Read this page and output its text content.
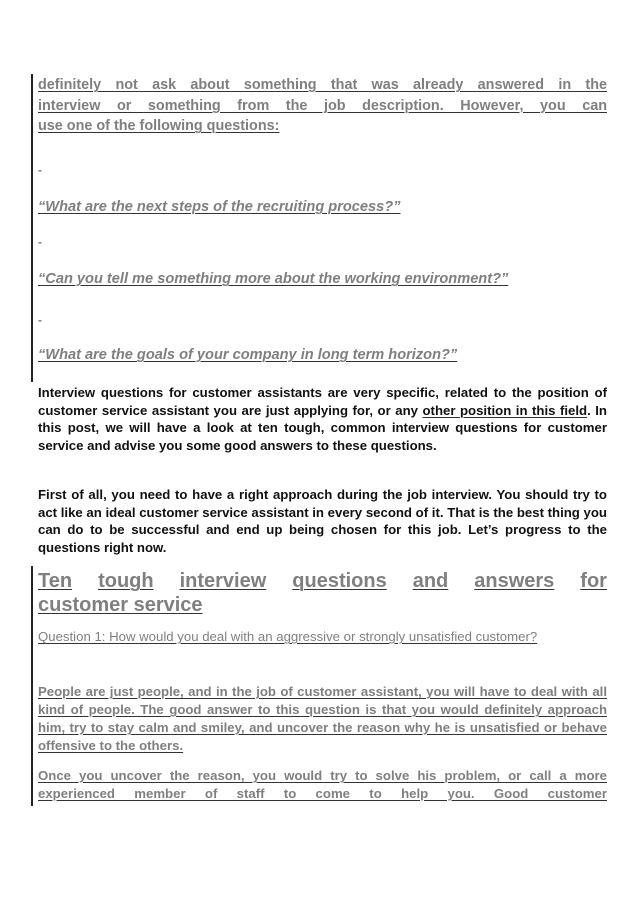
definitely not ask about something that was already answered in the
interview or something from the job description. However, you can
use one of the following questions:
-
“What are the next steps of the recruiting process?”
-
“Can you tell me something more about the working environment?”
-
“What are the goals of your company in long term horizon?”
Interview questions for customer assistants are very specific, related to the position of customer service assistant you are just applying for, or any other position in this field. In this post, we will have a look at ten tough, common interview questions for customer service and advise you some good answers to these questions.
First of all, you need to have a right approach during the job interview. You should try to act like an ideal customer service assistant in every second of it. That is the best thing you can do to be successful and end up being chosen for this job. Let’s progress to the questions right now.
Ten tough interview questions and answers for
customer service
Question 1: How would you deal with an aggressive or strongly unsatisfied customer?
People are just people, and in the job of customer assistant, you will have to deal with all kind of people. The good answer to this question is that you would definitely approach him, try to stay calm and smiley, and uncover the reason why he is unsatisfied or behave offensive to the others.
Once you uncover the reason, you would try to solve his problem, or call a more experienced member of staff to come to help you. Good customer
